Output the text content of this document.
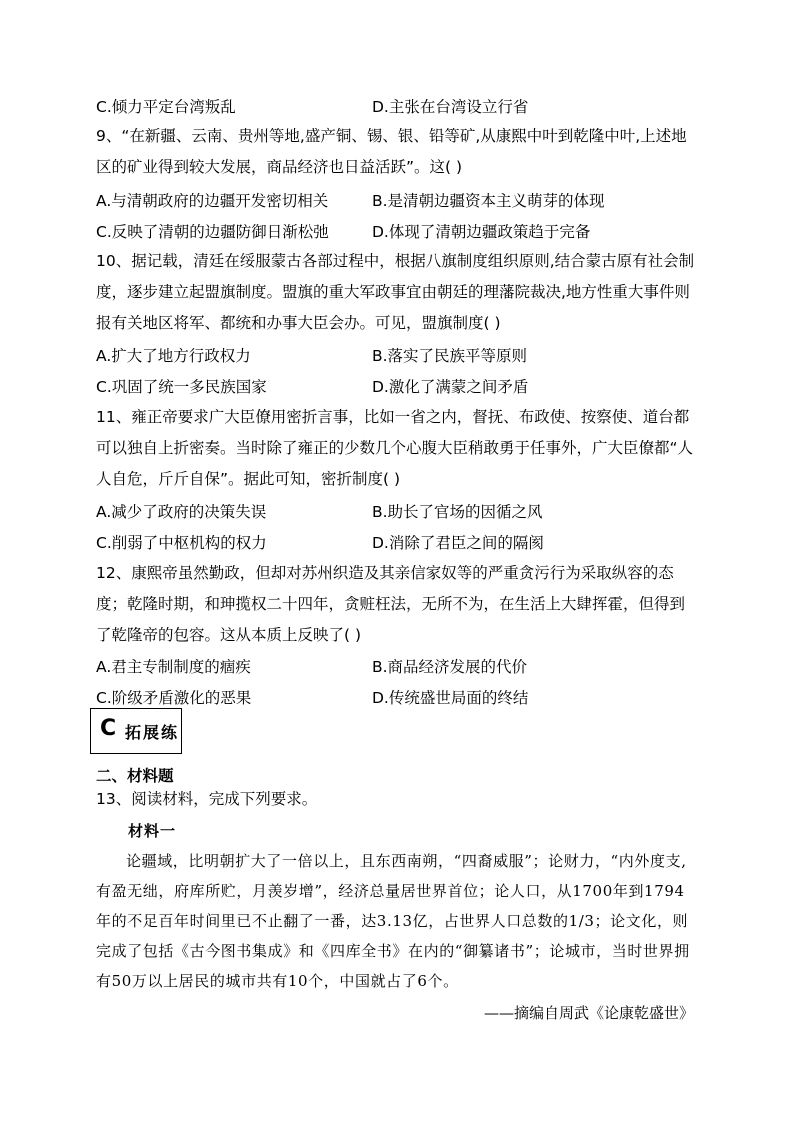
C.倾力平定台湾叛乱	D.主张在台湾设立行省
9、“在新疆、云南、贵州等地,盛产铜、锡、银、铅等矿,从康熙中叶到乾隆中叶,上述地区的矿业得到较大发展，商品经济也日益活跃”。这( )
A.与清朝政府的边疆开发密切相关	B.是清朝边疆资本主义萌芽的体现
C.反映了清朝的边疆防御日渐松弛	D.体现了清朝边疆政策趋于完备
10、据记载，清廷在绥服蒙古各部过程中，根据八旗制度组织原则,结合蒙古原有社会制度，逐步建立起盟旗制度。盟旗的重大军政事宜由朝廷的理藩院裁决,地方性重大事件则报有关地区将军、都统和办事大臣会办。可见，盟旗制度( )
A.扩大了地方行政权力	B.落实了民族平等原则
C.巩固了统一多民族国家	D.激化了满蒙之间矛盾
11、雍正帝要求广大臣僚用密折言事，比如一省之内，督抚、布政使、按察使、道台都可以独自上折密奏。当时除了雍正的少数几个心腹大臣稍敢勇于任事外，广大臣僚都“人人自危，斤斤自保”。据此可知，密折制度( )
A.减少了政府的决策失误	B.助长了官场的因循之风
C.削弱了中枢机构的权力	D.消除了君臣之间的隔阂
12、康熙帝虽然勤政，但却对苏州织造及其亲信家奴等的严重贪污行为采取纵容的态度；乾隆时期，和珅揽权二十四年，贪赃枉法，无所不为，在生活上大肆挥霍，但得到了乾隆帝的包容。这从本质上反映了( )
A.君主专制制度的痼疾	B.商品经济发展的代价
C.阶级矛盾激化的恶果	D.传统盛世局面的终结
C 拓展练
二、材料题
13、阅读材料，完成下列要求。
材料一
论疆域，比明朝扩大了一倍以上，且东西南朔，“四裔威服”；论财力，“内外度支,有盈无绌，府库所贮，月羡岁增”，经济总量居世界首位；论人口，从1700年到1794年的不足百年时间里已不止翻了一番，达3.13亿，占世界人口总数的1/3；论文化，则完成了包括《古今图书集成》和《四库全书》在内的“御纂诸书”；论城市，当时世界拥有50万以上居民的城市共有10个，中国就占了6个。
——摘编自周武《论康乾盛世》
